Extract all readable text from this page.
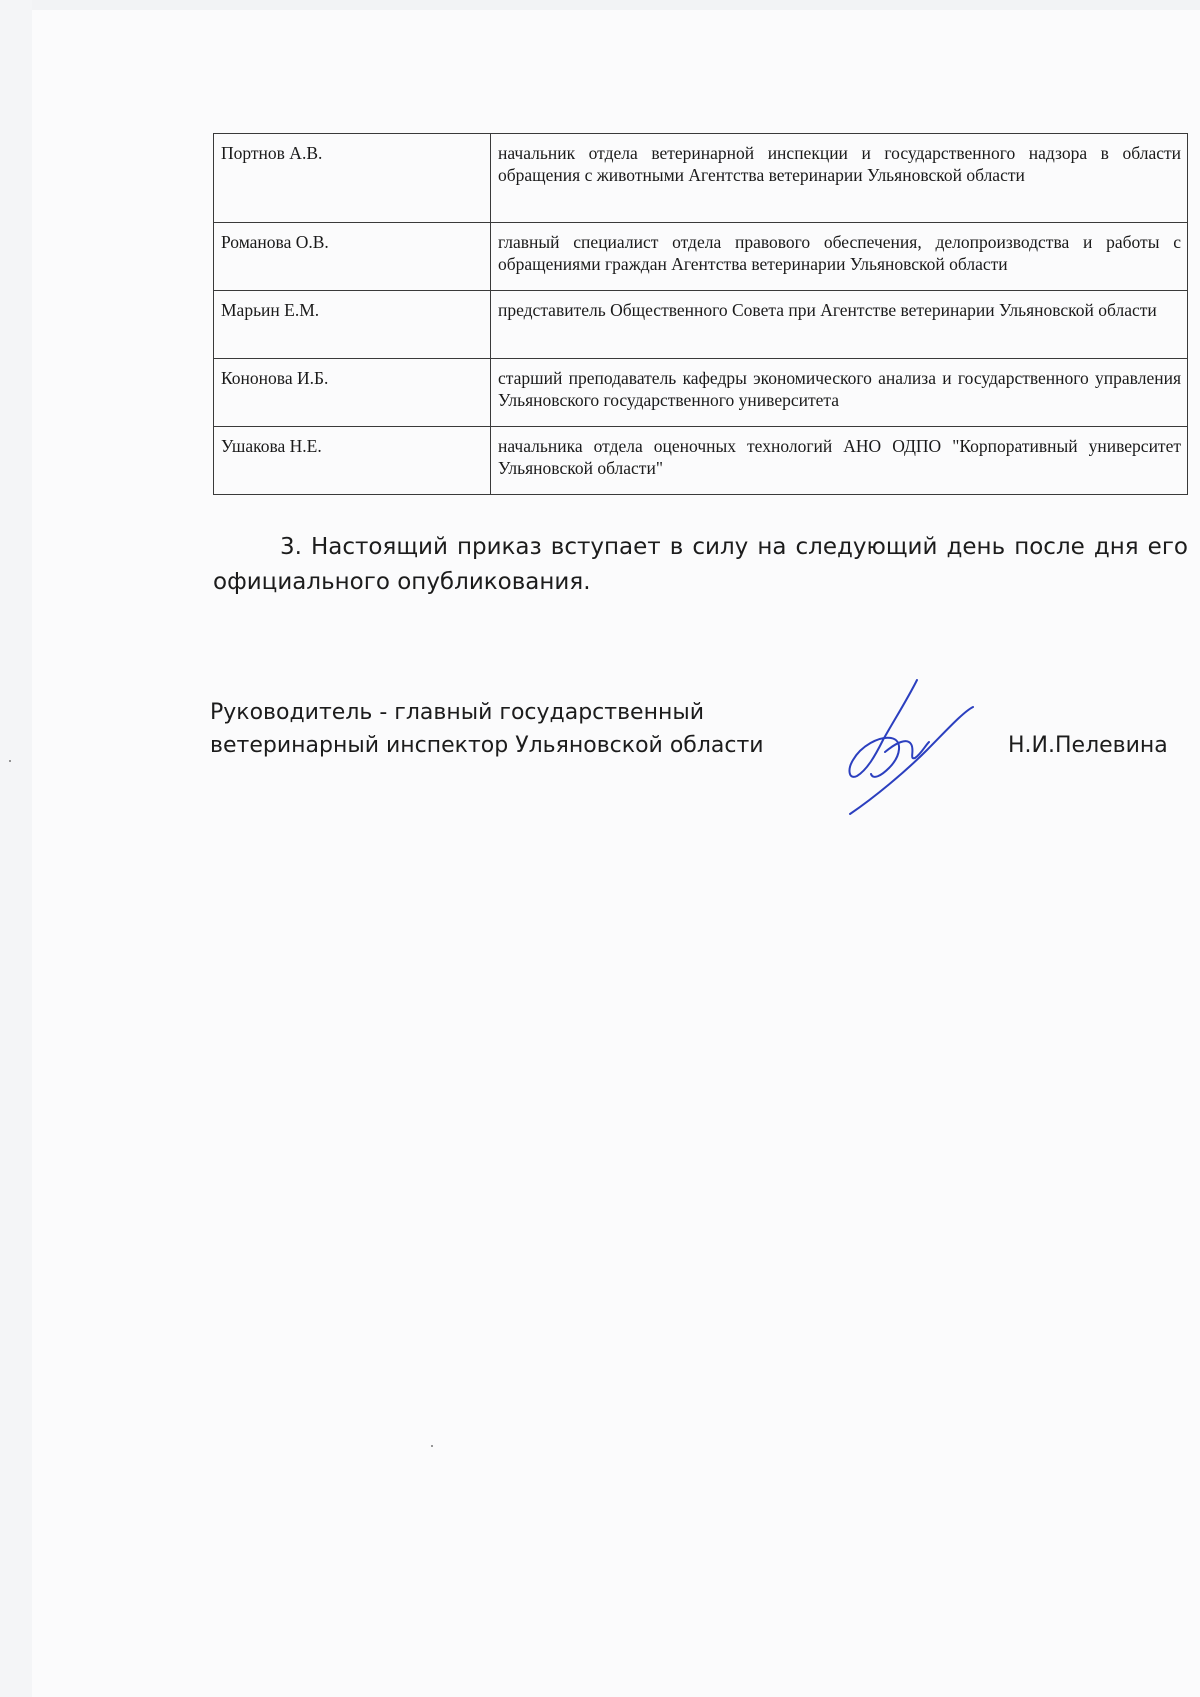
Портнов А.В.	начальник отдела ветеринарной инспекции и государственного надзора в области обращения с животными Агентства ветеринарии Ульяновской области
Романова О.В.	главный специалист отдела правового обеспечения, делопроизводства и работы с обращениями граждан Агентства ветеринарии Ульяновской области
Марьин Е.М.	представитель Общественного Совета при Агентстве ветеринарии Ульяновской области
Кононова И.Б.	старший преподаватель кафедры экономического анализа и государственного управления Ульяновского государственного университета
Ушакова Н.Е.	начальника отдела оценочных технологий АНО ОДПО "Корпоративный университет Ульяновской области"

3. Настоящий приказ вступает в силу на следующий день после дня его официального опубликования.

Руководитель - главный государственный
ветеринарный инспектор Ульяновской области	Н.И.Пелевина
